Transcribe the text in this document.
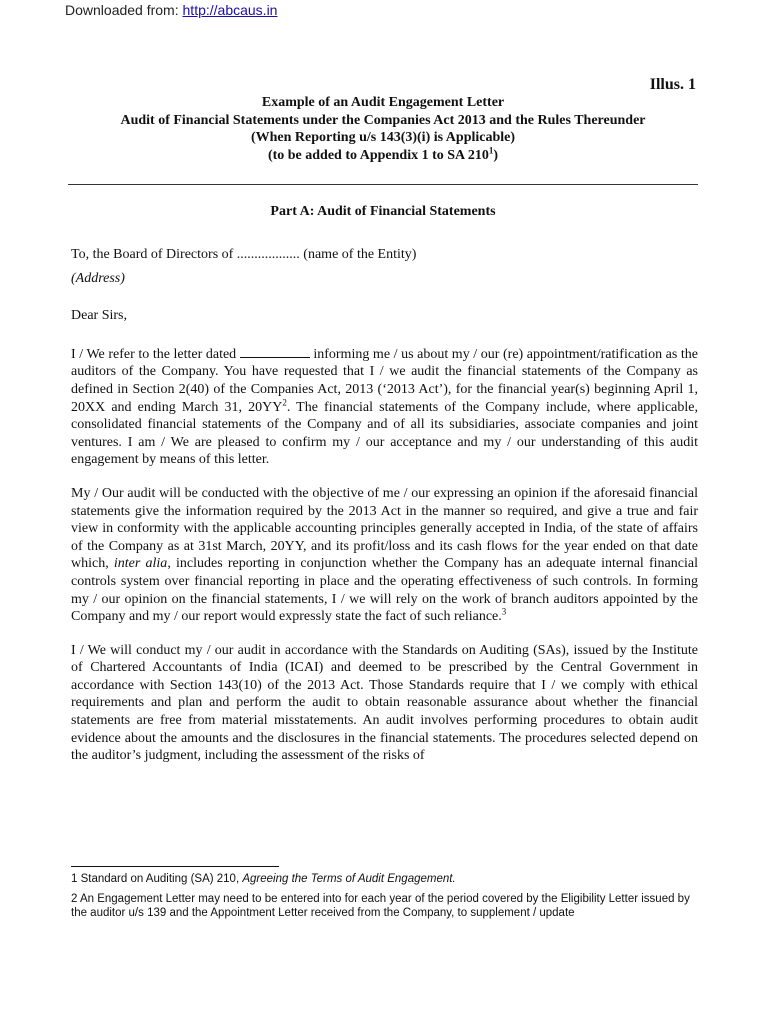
Downloaded from: http://abcaus.in
Illus. 1
Example of an Audit Engagement Letter
Audit of Financial Statements under the Companies Act 2013 and the Rules Thereunder
(When Reporting u/s 143(3)(i) is Applicable)
(to be added to Appendix 1 to SA $210^1$)
Part A: Audit of Financial Statements

To, the Board of Directors of .................. (name of the Entity)

(Address)

Dear Sirs,

I / We refer to the letter dated	informing me / us about my / our (re) appointment/ratification as the auditors of the Company. You have requested that I / we audit the financial statements of the Company as defined in Section 2(40) of the Companies Act, 2013 (‘2013 Act’), for the financial year(s) beginning April 1, 20XX and ending March 31, $20YY^2$. The financial statements of the Company include, where applicable, consolidated financial statements of the Company and of all its subsidiaries, associate companies and joint ventures. I am / We are pleased to confirm my / our acceptance and my / our understanding of this audit engagement by means of this letter.

My / Our audit will be conducted with the objective of me / our expressing an opinion if the aforesaid financial statements give the information required by the 2013 Act in the manner so required, and give a true and fair view in conformity with the applicable accounting principles generally accepted in India, of the state of affairs of the Company as at 31st March, 20YY, and its profit/loss and its cash flows for the year ended on that date which, inter alia, includes reporting in conjunction whether the Company has an adequate internal financial controls system over financial reporting in place and the operating effectiveness of such controls. In forming my / our opinion on the financial statements, I / we will rely on the work of branch auditors appointed by the Company and my / our report would expressly state the fact of such reliance.$^3$

I / We will conduct my / our audit in accordance with the Standards on Auditing (SAs), issued by the Institute of Chartered Accountants of India (ICAI) and deemed to be prescribed by the Central Government in accordance with Section 143(10) of the 2013 Act. Those Standards require that I / we comply with ethical requirements and plan and perform the audit to obtain reasonable assurance about whether the financial statements are free from material misstatements. An audit involves performing procedures to obtain audit evidence about the amounts and the disclosures in the financial statements. The procedures selected depend on the auditor’s judgment, including the assessment of the risks of

1 Standard on Auditing (SA) 210, Agreeing the Terms of Audit Engagement.
2 An Engagement Letter may need to be entered into for each year of the period covered by the Eligibility Letter issued by the auditor u/s 139 and the Appointment Letter received from the Company, to supplement / update
